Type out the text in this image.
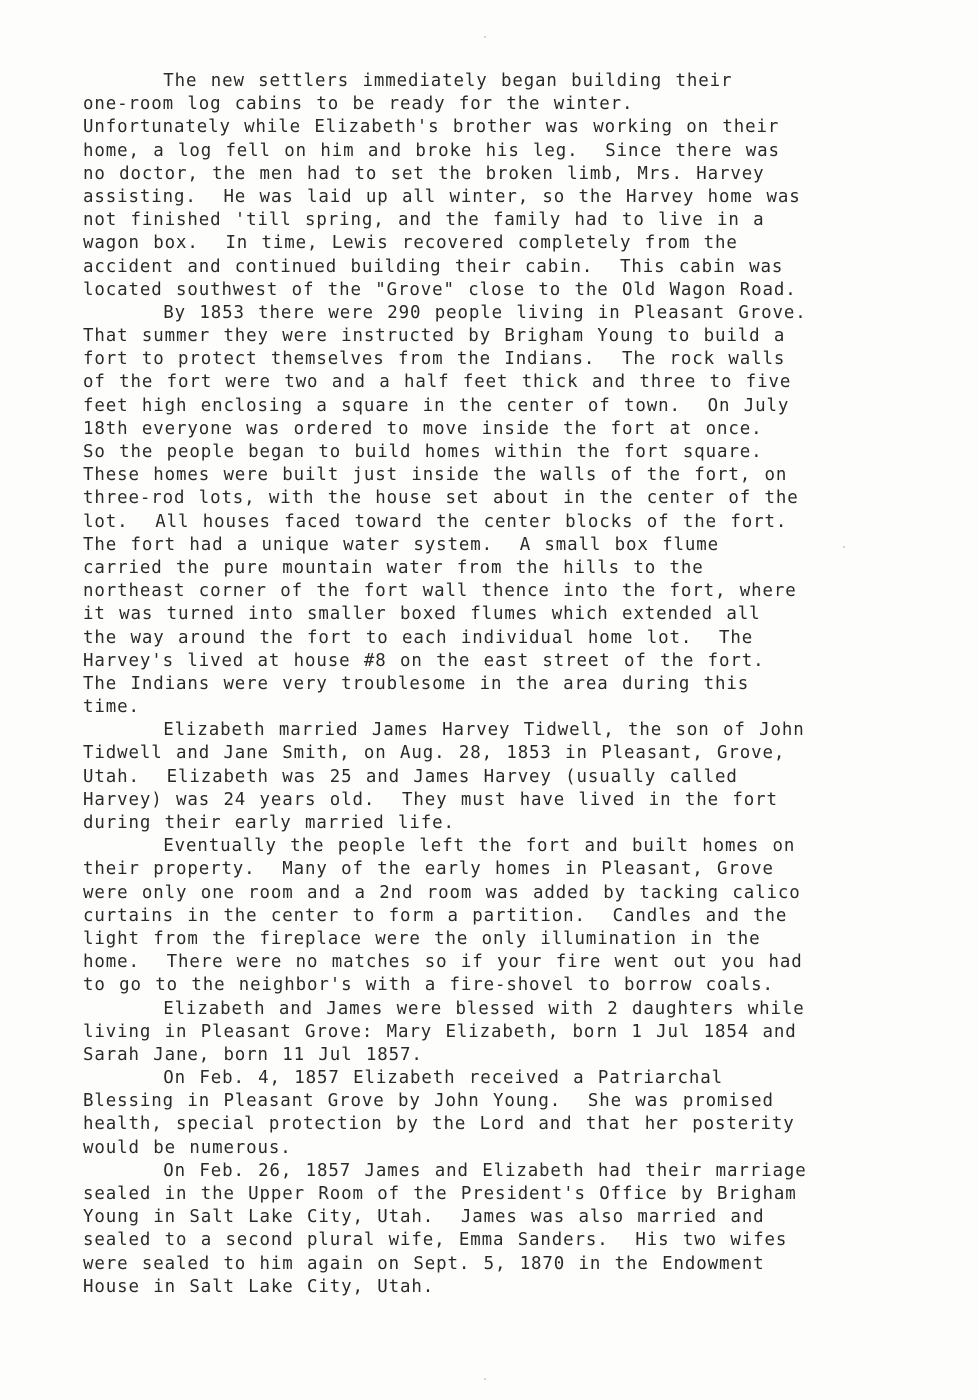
The new settlers immediately began building their
one-room log cabins to be ready for the winter.
Unfortunately while Elizabeth's brother was working on their
home, a log fell on him and broke his leg.  Since there was
no doctor, the men had to set the broken limb, Mrs. Harvey
assisting.  He was laid up all winter, so the Harvey home was
not finished 'till spring, and the family had to live in a
wagon box.  In time, Lewis recovered completely from the
accident and continued building their cabin.  This cabin was
located southwest of the "Grove" close to the Old Wagon Road.
By 1853 there were 290 people living in Pleasant Grove.
That summer they were instructed by Brigham Young to build a
fort to protect themselves from the Indians.  The rock walls
of the fort were two and a half feet thick and three to five
feet high enclosing a square in the center of town.  On July
18th everyone was ordered to move inside the fort at once.
So the people began to build homes within the fort square.
These homes were built just inside the walls of the fort, on
three-rod lots, with the house set about in the center of the
lot.  All houses faced toward the center blocks of the fort.
The fort had a unique water system.  A small box flume
carried the pure mountain water from the hills to the
northeast corner of the fort wall thence into the fort, where
it was turned into smaller boxed flumes which extended all
the way around the fort to each individual home lot.  The
Harvey's lived at house #8 on the east street of the fort.
The Indians were very troublesome in the area during this
time.
Elizabeth married James Harvey Tidwell, the son of John
Tidwell and Jane Smith, on Aug. 28, 1853 in Pleasant, Grove,
Utah.  Elizabeth was 25 and James Harvey (usually called
Harvey) was 24 years old.  They must have lived in the fort
during their early married life.
Eventually the people left the fort and built homes on
their property.  Many of the early homes in Pleasant, Grove
were only one room and a 2nd room was added by tacking calico
curtains in the center to form a partition.  Candles and the
light from the fireplace were the only illumination in the
home.  There were no matches so if your fire went out you had
to go to the neighbor's with a fire-shovel to borrow coals.
Elizabeth and James were blessed with 2 daughters while
living in Pleasant Grove: Mary Elizabeth, born 1 Jul 1854 and
Sarah Jane, born 11 Jul 1857.
On Feb. 4, 1857 Elizabeth received a Patriarchal
Blessing in Pleasant Grove by John Young.  She was promised
health, special protection by the Lord and that her posterity
would be numerous.
On Feb. 26, 1857 James and Elizabeth had their marriage
sealed in the Upper Room of the President's Office by Brigham
Young in Salt Lake City, Utah.  James was also married and
sealed to a second plural wife, Emma Sanders.  His two wifes
were sealed to him again on Sept. 5, 1870 in the Endowment
House in Salt Lake City, Utah.
